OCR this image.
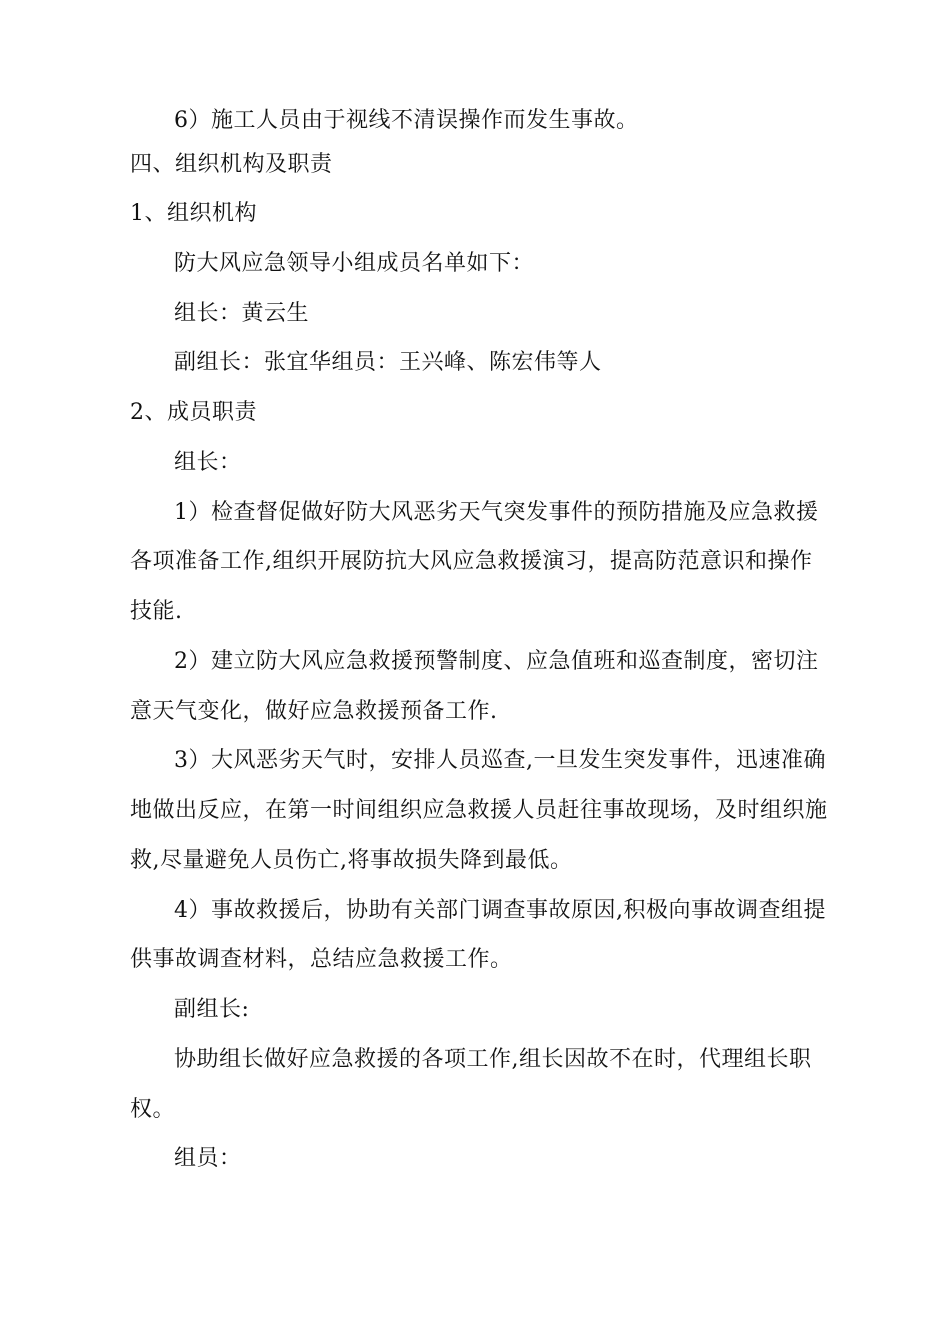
6）施工人员由于视线不清误操作而发生事故。
四、组织机构及职责
1、组织机构
防大风应急领导小组成员名单如下：
组长：黄云生
副组长：张宜华组员：王兴峰、陈宏伟等人
2、成员职责
组长：
1）检查督促做好防大风恶劣天气突发事件的预防措施及应急救援
各项准备工作,组织开展防抗大风应急救援演习，提高防范意识和操作
技能.
2）建立防大风应急救援预警制度、应急值班和巡查制度，密切注
意天气变化，做好应急救援预备工作.
3）大风恶劣天气时，安排人员巡查,一旦发生突发事件，迅速准确
地做出反应，在第一时间组织应急救援人员赶往事故现场，及时组织施
救,尽量避免人员伤亡,将事故损失降到最低。
4）事故救援后，协助有关部门调查事故原因,积极向事故调查组提
供事故调查材料，总结应急救援工作。
副组长:
协助组长做好应急救援的各项工作,组长因故不在时，代理组长职
权。
组员：
